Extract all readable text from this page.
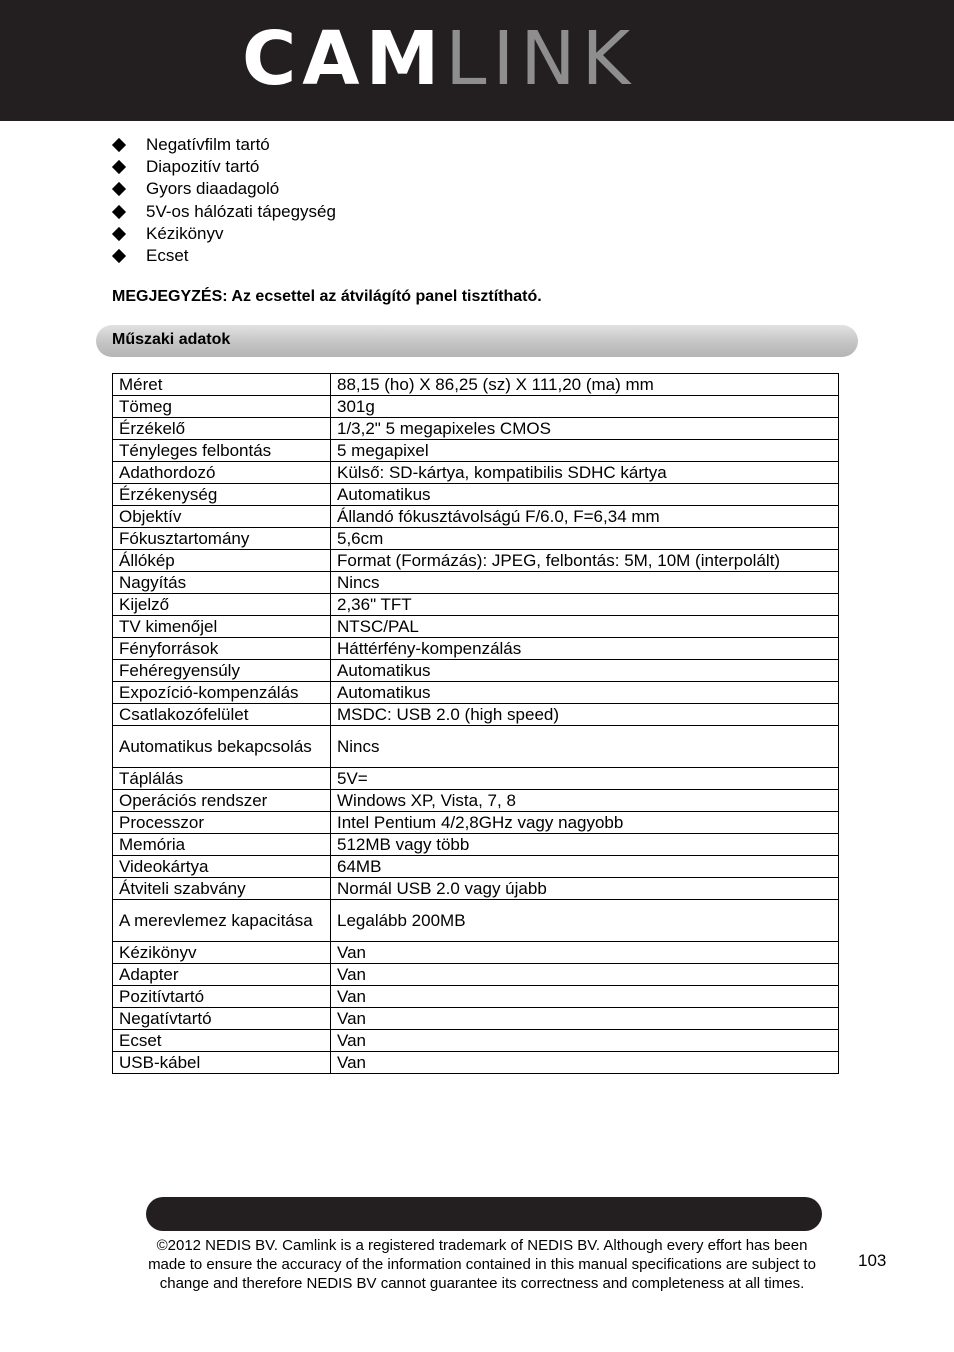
CAMLINK
Negatívfilm tartó
Diapozitív tartó
Gyors diaadagoló
5V-os hálózati tápegység
Kézikönyv
Ecset
MEGJEGYZÉS: Az ecsettel az átvilágító panel tisztítható.
Műszaki adatok
Méret	88,15 (ho) X 86,25 (sz) X 111,20 (ma) mm
Tömeg	301g
Érzékelő	1/3,2" 5 megapixeles CMOS
Tényleges felbontás	5 megapixel
Adathordozó	Külső: SD-kártya, kompatibilis SDHC kártya
Érzékenység	Automatikus
Objektív	Állandó fókusztávolságú F/6.0, F=6,34 mm
Fókusztartomány	5,6cm
Állókép	Format (Formázás): JPEG, felbontás: 5M, 10M (interpolált)
Nagyítás	Nincs
Kijelző	2,36" TFT
TV kimenőjel	NTSC/PAL
Fényforrások	Háttérfény-kompenzálás
Fehéregyensúly	Automatikus
Expozíció-kompenzálás	Automatikus
Csatlakozófelület	MSDC: USB 2.0 (high speed)
Automatikus bekapcsolás	Nincs
Táplálás	5V=
Operációs rendszer	Windows XP, Vista, 7, 8
Processzor	Intel Pentium 4/2,8GHz vagy nagyobb
Memória	512MB vagy több
Videokártya	64MB
Átviteli szabvány	Normál USB 2.0 vagy újabb
A merevlemez kapacitása	Legalább 200MB
Kézikönyv	Van
Adapter	Van
Pozitívtartó	Van
Negatívtartó	Van
Ecset	Van
USB-kábel	Van
©2012 NEDIS BV. Camlink is a registered trademark of NEDIS BV. Although every effort has been
made to ensure the accuracy of the information contained in this manual specifications are subject to
change and therefore NEDIS BV cannot guarantee its correctness and completeness at all times.
103
